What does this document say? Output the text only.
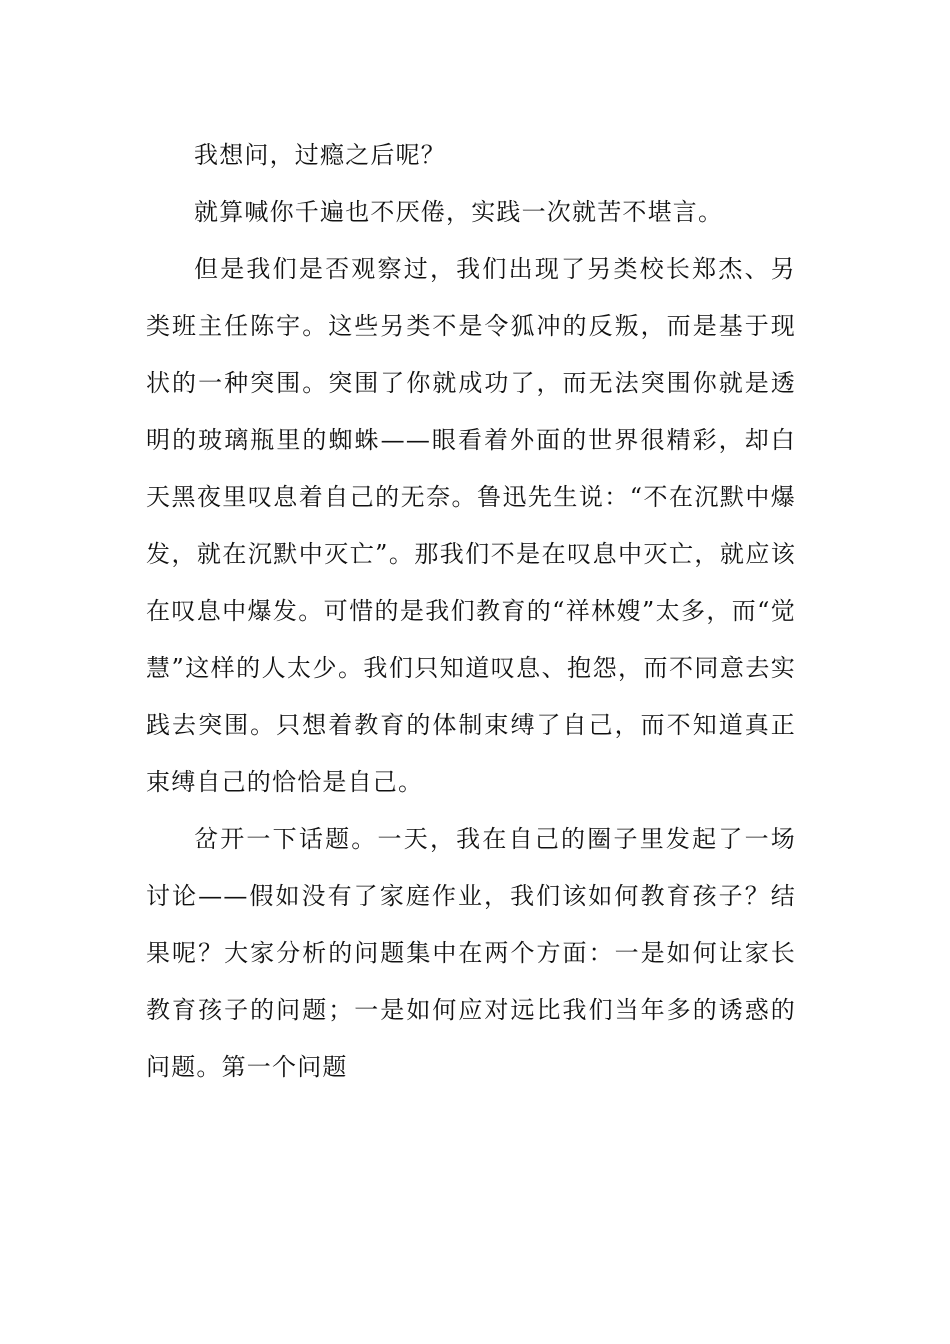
我想问，过瘾之后呢？

就算喊你千遍也不厌倦，实践一次就苦不堪言。

但是我们是否观察过，我们出现了另类校长郑杰、另类班主任陈宇。这些另类不是令狐冲的反叛，而是基于现状的一种突围。突围了你就成功了，而无法突围你就是透明的玻璃瓶里的蜘蛛——眼看着外面的世界很精彩，却白天黑夜里叹息着自己的无奈。鲁迅先生说：“不在沉默中爆发，就在沉默中灭亡”。那我们不是在叹息中灭亡，就应该在叹息中爆发。可惜的是我们教育的“祥林嫂”太多，而“觉慧”这样的人太少。我们只知道叹息、抱怨，而不同意去实践去突围。只想着教育的体制束缚了自己，而不知道真正束缚自己的恰恰是自己。

岔开一下话题。一天，我在自己的圈子里发起了一场讨论——假如没有了家庭作业，我们该如何教育孩子？结果呢？大家分析的问题集中在两个方面：一是如何让家长教育孩子的问题；一是如何应对远比我们当年多的诱惑的问题。第一个问题
